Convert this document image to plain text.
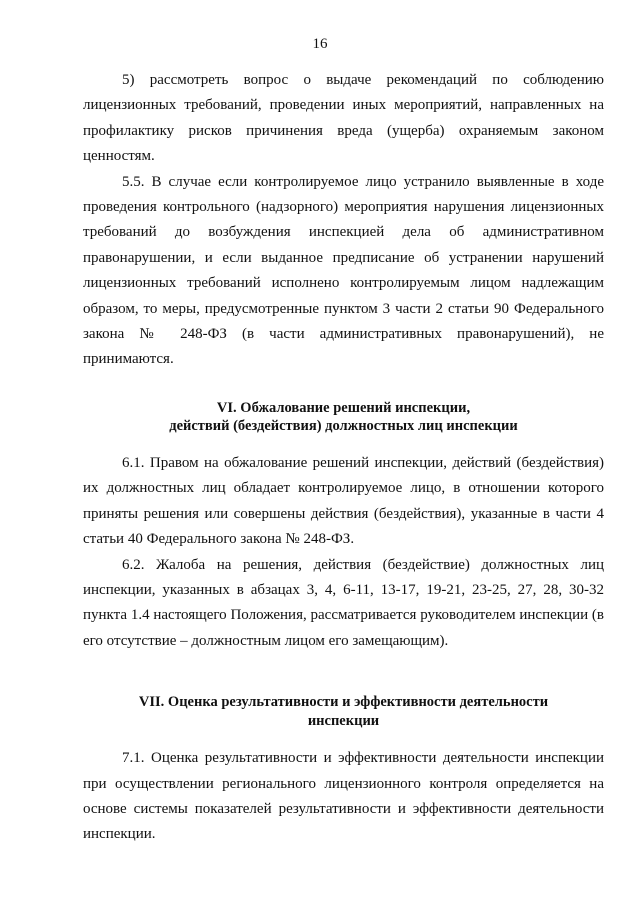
16

5) рассмотреть вопрос о выдаче рекомендаций по соблюдению лицензионных требований, проведении иных мероприятий, направленных на профилактику рисков причинения вреда (ущерба) охраняемым законом ценностям.

5.5. В случае если контролируемое лицо устранило выявленные в ходе проведения контрольного (надзорного) мероприятия нарушения лицензионных требований до возбуждения инспекцией дела об административном правонарушении, и если выданное предписание об устранении нарушений лицензионных требований исполнено контролируемым лицом надлежащим образом, то меры, предусмотренные пунктом 3 части 2 статьи 90 Федерального закона № 248-ФЗ (в части административных правонарушений), не принимаются.

VI. Обжалование решений инспекции,
действий (бездействия) должностных лиц инспекции

6.1. Правом на обжалование решений инспекции, действий (бездействия) их должностных лиц обладает контролируемое лицо, в отношении которого приняты решения или совершены действия (бездействия), указанные в части 4 статьи 40 Федерального закона № 248-ФЗ.

6.2. Жалоба на решения, действия (бездействие) должностных лиц инспекции, указанных в абзацах 3, 4, 6-11, 13-17, 19-21, 23-25, 27, 28, 30-32 пункта 1.4 настоящего Положения, рассматривается руководителем инспекции (в его отсутствие – должностным лицом его замещающим).

VII. Оценка результативности и эффективности деятельности
инспекции

7.1. Оценка результативности и эффективности деятельности инспекции при осуществлении регионального лицензионного контроля определяется на основе системы показателей результативности и эффективности деятельности инспекции.
